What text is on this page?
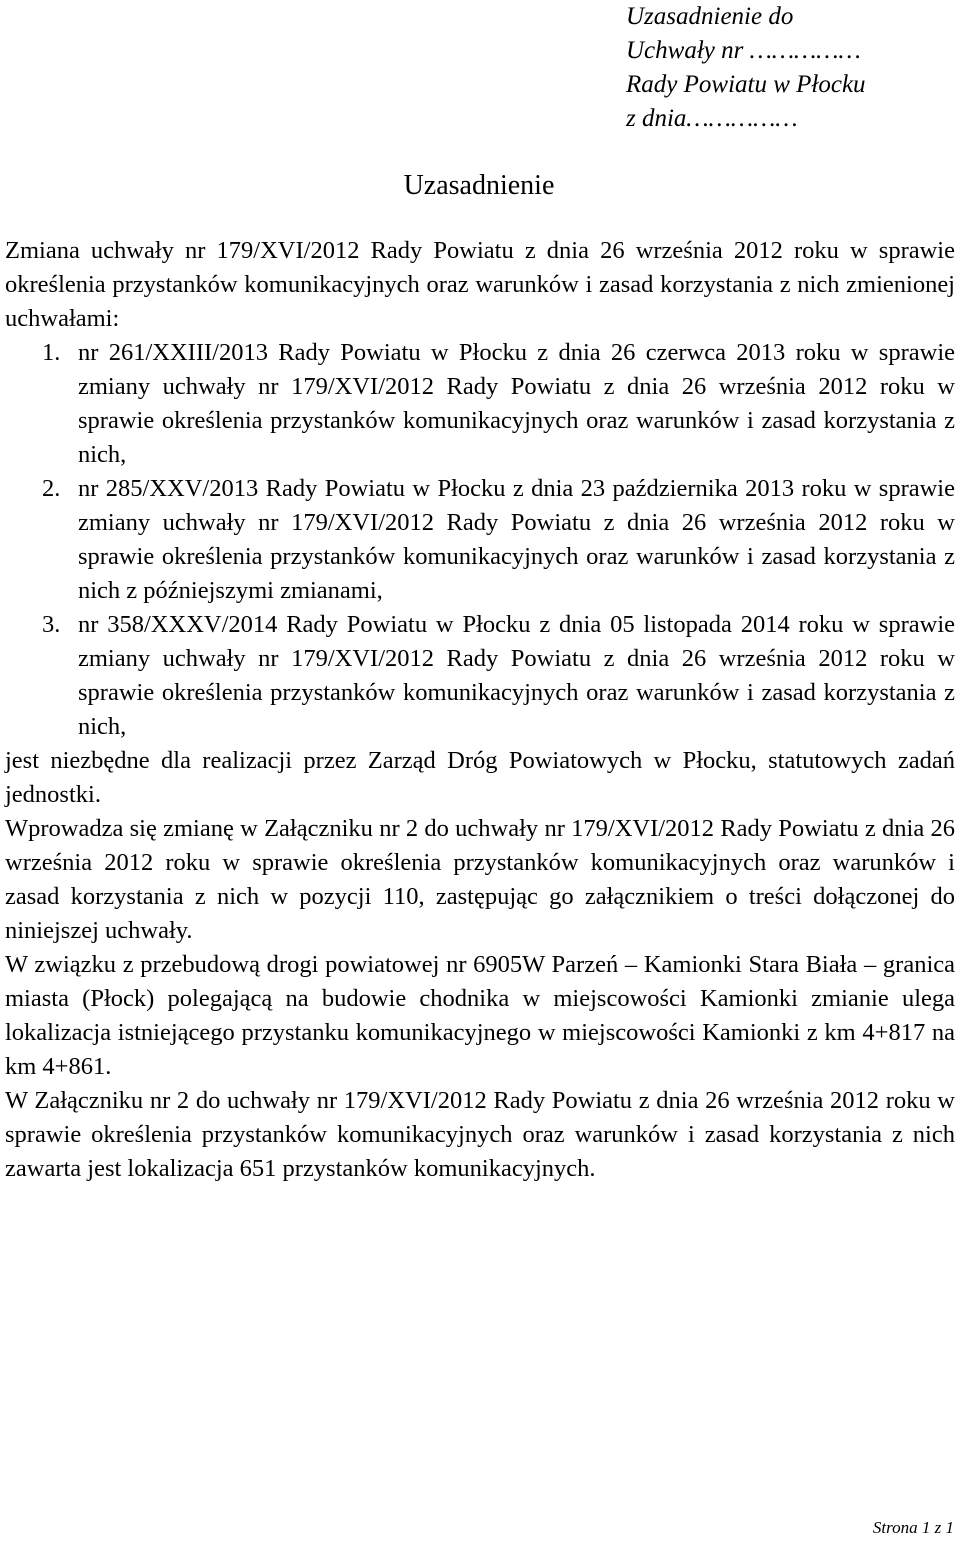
Uzasadnienie do
Uchwały nr ……………
Rady Powiatu w Płocku
z dnia……………
Uzasadnienie

Zmiana uchwały nr 179/XVI/2012 Rady Powiatu z dnia 26 września 2012 roku w sprawie określenia przystanków komunikacyjnych oraz warunków i zasad korzystania z nich zmienionej uchwałami:

1. nr 261/XXIII/2013 Rady Powiatu w Płocku z dnia 26 czerwca 2013 roku w sprawie zmiany uchwały nr 179/XVI/2012 Rady Powiatu z dnia 26 września 2012 roku w sprawie określenia przystanków komunikacyjnych oraz warunków i zasad korzystania z nich,
2. nr 285/XXV/2013 Rady Powiatu w Płocku z dnia 23 października 2013 roku w sprawie zmiany uchwały nr 179/XVI/2012 Rady Powiatu z dnia 26 września 2012 roku w sprawie określenia przystanków komunikacyjnych oraz warunków i zasad korzystania z nich z późniejszymi zmianami,
3. nr 358/XXXV/2014 Rady Powiatu w Płocku z dnia 05 listopada 2014 roku w sprawie zmiany uchwały nr 179/XVI/2012 Rady Powiatu z dnia 26 września 2012 roku w sprawie określenia przystanków komunikacyjnych oraz warunków i zasad korzystania z nich,

jest niezbędne dla realizacji przez Zarząd Dróg Powiatowych w Płocku, statutowych zadań jednostki.

Wprowadza się zmianę w Załączniku nr 2 do uchwały nr 179/XVI/2012 Rady Powiatu z dnia 26 września 2012 roku w sprawie określenia przystanków komunikacyjnych oraz warunków i zasad korzystania z nich w pozycji 110, zastępując go załącznikiem o treści dołączonej do niniejszej uchwały.

W związku z przebudową drogi powiatowej nr 6905W Parzeń – Kamionki Stara Biała – granica miasta (Płock) polegającą na budowie chodnika w miejscowości Kamionki zmianie ulega lokalizacja istniejącego przystanku komunikacyjnego w miejscowości Kamionki z km 4+817 na km 4+861.

W Załączniku nr 2 do uchwały nr 179/XVI/2012 Rady Powiatu z dnia 26 września 2012 roku w sprawie określenia przystanków komunikacyjnych oraz warunków i zasad korzystania z nich zawarta jest lokalizacja 651 przystanków komunikacyjnych.

Strona 1 z 1
